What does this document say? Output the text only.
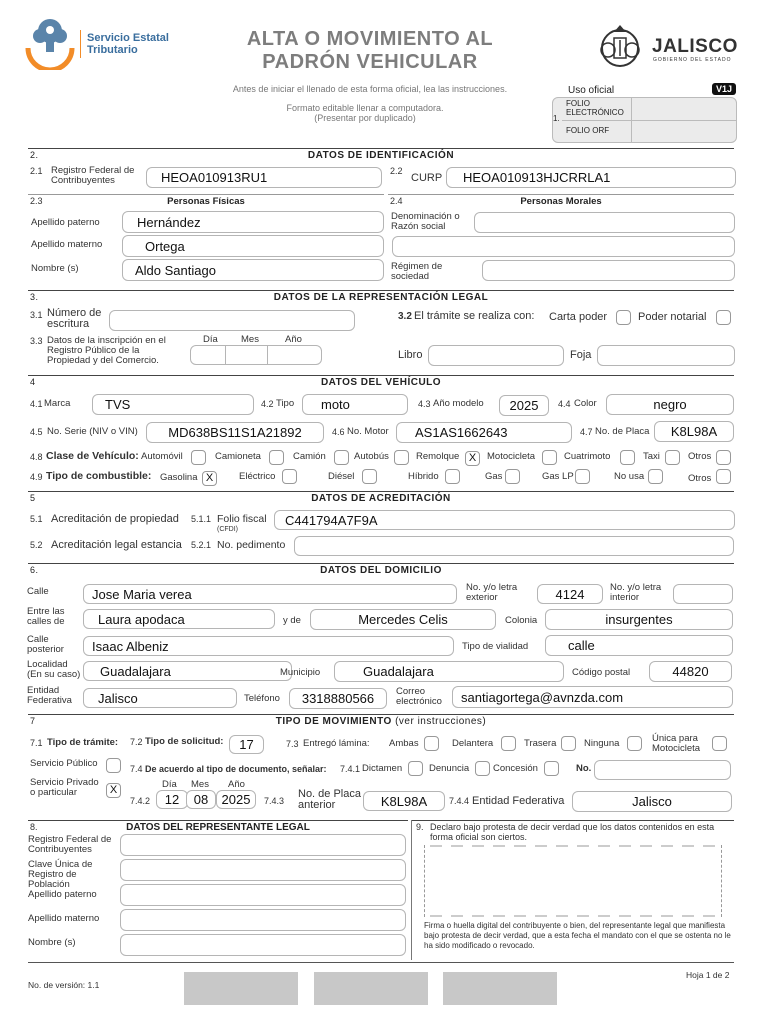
Servicio Estatal
Tributario	ALTA O MOVIMIENTO AL
PADRÓN VEHICULAR
Antes de iniciar el llenado de esta forma oficial, lea las instrucciones.
Formato editable llenar a computadora.
(Presentar por duplicado)
JALISCO
GOBIERNO DEL ESTADO
Uso oficial	V1J
1.
FOLIO ELECTRÓNICO
FOLIO ORF
2.	DATOS DE IDENTIFICACIÓN
2.1 Registro Federal de Contribuyentes	HEOA010913RU1	2.2
CURP	HEOA010913HJCRRLA1
2.3	Personas Físicas	2.4	Personas Morales
Apellido paterno	Hernández
Apellido materno	Ortega
Nombre (s)	Aldo Santiago
Denominación o Razón social
Régimen de sociedad
3.	DATOS DE LA REPRESENTACIÓN LEGAL
3.1 Número de escritura
3.2 El trámite se realiza con: Carta poder	Poder notarial
3.3 Datos de la inscripción en el Registro Público de la Propiedad y del Comercio.
Día Mes	Año
Libro	Foja
4	DATOS DEL VEHÍCULO
4.1 Marca	TVS	4.2 Tipo	moto	4.3 Año modelo	2025	4.4 Color	negro
4.5 No. Serie (NIV o VIN)	MD638BS11S1A21892	4.6 No. Motor	AS1AS1662643	4.7 No. de Placa	K8L98A
4.8 Clase de Vehículo: Automóvil	Camioneta	Camión	Autobús	Remolque X	Motocicleta	Cuatrimoto	Taxi	Otros
4.9 Tipo de combustible: Gasolina X	Eléctrico	Diésel	Híbrido	Gas	Gas LP	No usa	Otros
5	DATOS DE ACREDITACIÓN
5.1 Acreditación de propiedad 5.1.1 Folio fiscal
(CFDI)
C441794A7F9A
5.2 Acreditación legal estancia 5.2.1 No. pedimento
6.	DATOS DEL DOMICILIO
Calle	Jose Maria verea	No. y/o letra exterior	4124	No. y/o letra interior
Entre las calles de	Laura apodaca	y de	Mercedes Celis	Colonia	insurgentes
Calle posterior	Isaac Albeniz	Tipo de vialidad	calle
Localidad (En su caso)	Guadalajara	Municipio	Guadalajara	Código postal	44820
Entidad Federativa	Jalisco	Teléfono	3318880566	Correo electrónico	santiagortega@avnzda.com
7	TIPO DE MOVIMIENTO (ver instrucciones)
7.1 Tipo de trámite: 7.2 Tipo de solicitud:	17	7.3 Entregó lámina: Ambas	Delantera	Trasera	Ninguna	Única para Motocicleta
Servicio Público
Servicio Privado o particular	X
7.4 De acuerdo al tipo de documento, señalar: 7.4.1 Dictamen	Denuncia	Concesión	No.
Día Mes Año
7.4.2	12	08	2025	7.4.3
No. de Placa anterior	K8L98A	7.4.4 Entidad Federativa	Jalisco
8.	DATOS DEL REPRESENTANTE LEGAL
Registro Federal de Contribuyentes
Clave Única de Registro de Población
Apellido paterno
Apellido materno
Nombre (s)
9. Declaro bajo protesta de decir verdad que los datos contenidos en esta forma oficial son ciertos.
Firma o huella digital del contribuyente o bien, del representante legal que manifiesta bajo protesta de decir verdad, que a esta fecha el mandato con el que se ostenta no le ha sido modificado o revocado.
No. de versión: 1.1
Hoja 1 de 2
